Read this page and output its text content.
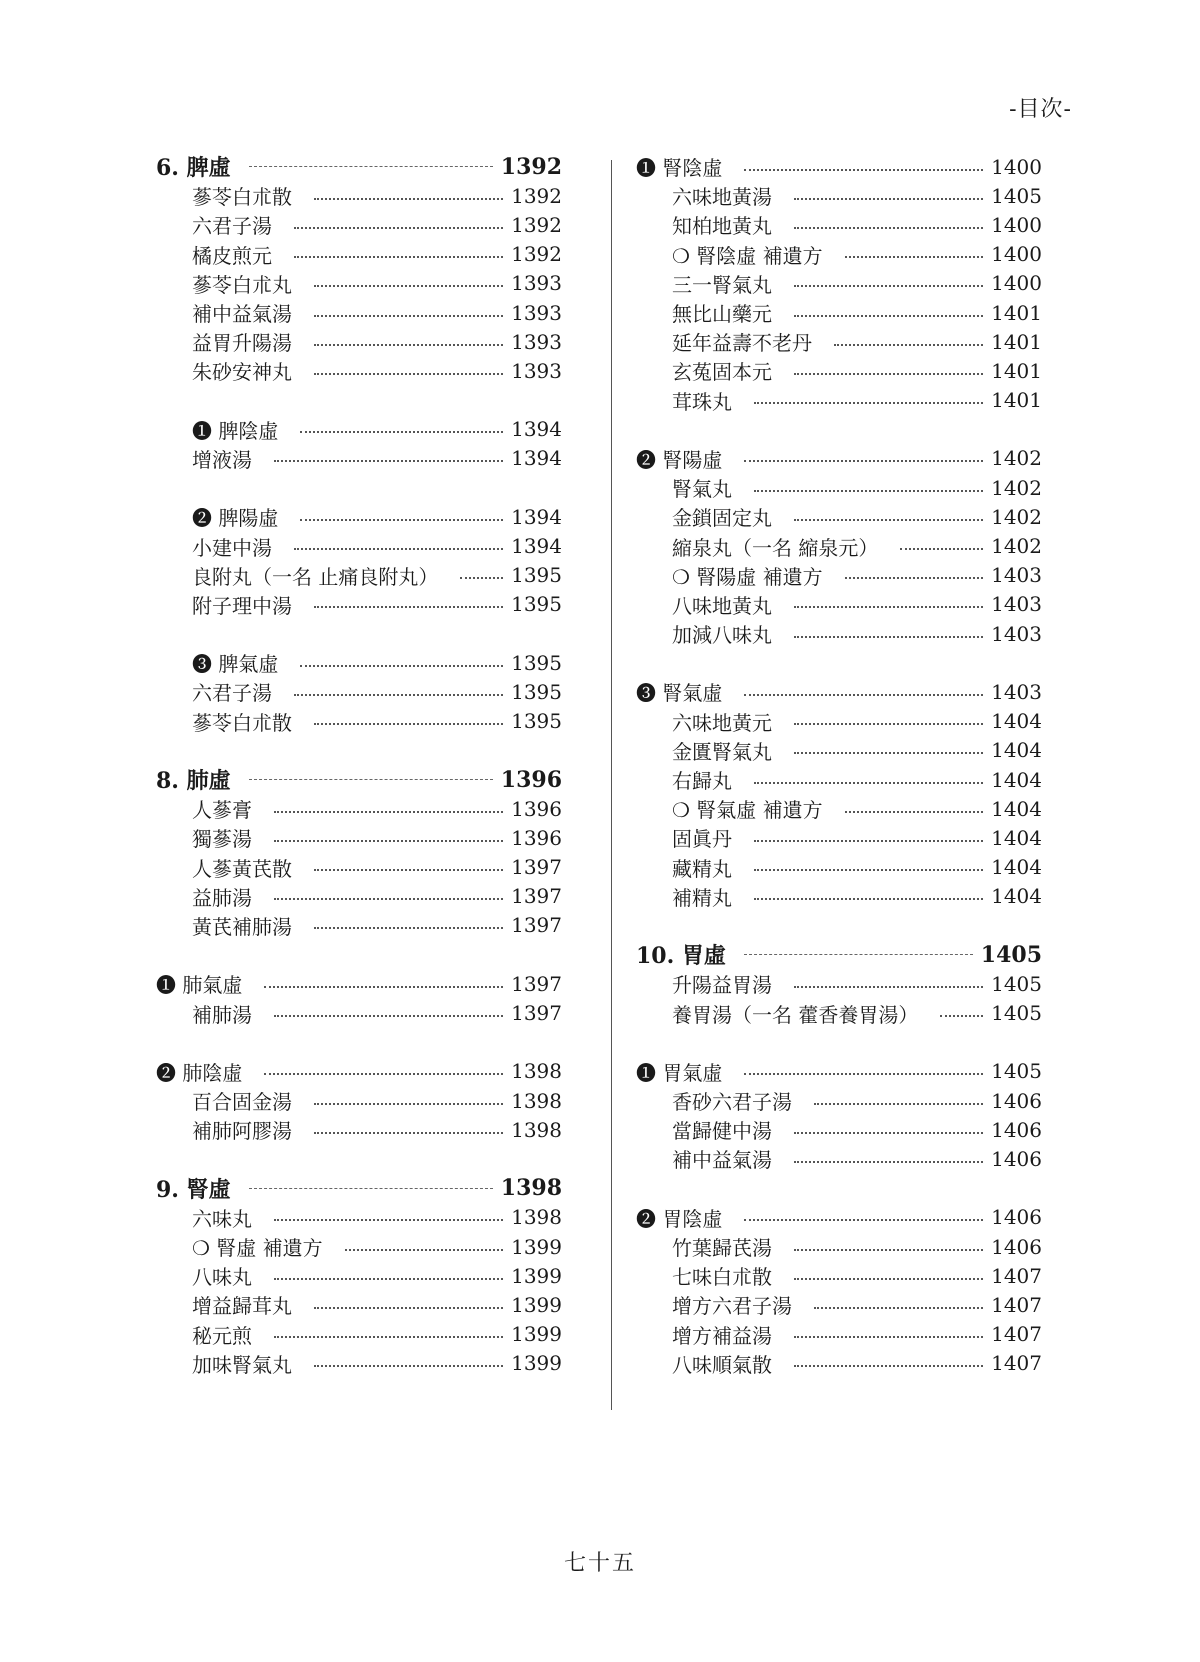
-目次-
6. 脾虛	1392
蔘苓白朮散	1392
六君子湯	1392
橘皮煎元	1392
蔘苓白朮丸	1393
補中益氣湯	1393
益胃升陽湯	1393
朱砂安神丸	1393
❶ 脾陰虛	1394
增液湯	1394
❷ 脾陽虛	1394
小建中湯	1394
良附丸（一名 止痛良附丸）	1395
附子理中湯	1395
❸ 脾氣虛	1395
六君子湯	1395
蔘苓白朮散	1395
8. 肺虛	1396
人蔘膏	1396
獨蔘湯	1396
人蔘黃芪散	1397
益肺湯	1397
黃芪補肺湯	1397
❶ 肺氣虛	1397
補肺湯	1397
❷ 肺陰虛	1398
百合固金湯	1398
補肺阿膠湯	1398
9. 腎虛	1398
六味丸	1398
❍ 腎虛 補遺方	1399
八味丸	1399
增益歸茸丸	1399
秘元煎	1399
加味腎氣丸	1399
❶ 腎陰虛	1400
六味地黃湯	1405
知柏地黃丸	1400
❍ 腎陰虛 補遺方	1400
三一腎氣丸	1400
無比山藥元	1401
延年益壽不老丹	1401
玄菟固本元	1401
茸珠丸	1401
❷ 腎陽虛	1402
腎氣丸	1402
金鎖固定丸	1402
縮泉丸（一名 縮泉元）	1402
❍ 腎陽虛 補遺方	1403
八味地黃丸	1403
加減八味丸	1403
❸ 腎氣虛	1403
六味地黃元	1404
金匱腎氣丸	1404
右歸丸	1404
❍ 腎氣虛 補遺方	1404
固眞丹	1404
藏精丸	1404
補精丸	1404
10. 胃虛	1405
升陽益胃湯	1405
養胃湯（一名 藿香養胃湯）	1405
❶ 胃氣虛	1405
香砂六君子湯	1406
當歸健中湯	1406
補中益氣湯	1406
❷ 胃陰虛	1406
竹葉歸芪湯	1406
七味白朮散	1407
增方六君子湯	1407
增方補益湯	1407
八味順氣散	1407
七十五
